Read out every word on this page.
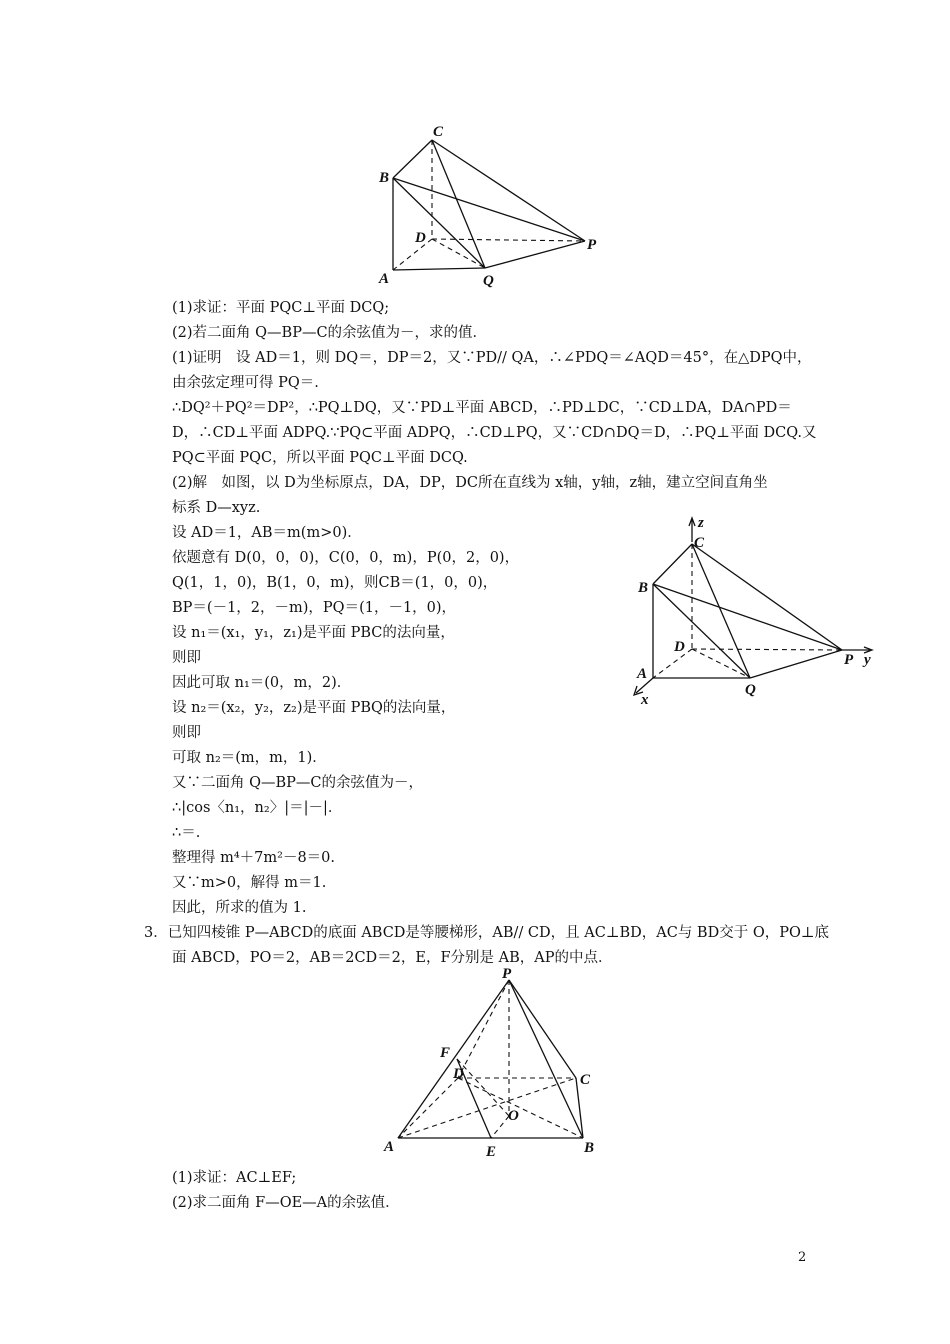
C
B
D	P
A	Q
(1)求证：平面 PQC⊥平面 DCQ;
(2)若二面角 Q—BP—C的余弦值为－，求的值．
(1)证明　设 AD＝1，则 DQ＝，DP＝2，又∵PD// QA，∴∠PDQ＝∠AQD＝45°，在△DPQ中，
由余弦定理可得 PQ＝.
∴DQ²＋PQ²＝DP²，∴PQ⊥DQ，又∵PD⊥平面 ABCD，∴PD⊥DC，∵CD⊥DA，DA∩PD＝
D，∴CD⊥平面 ADPQ.∵PQ⊂平面 ADPQ，∴CD⊥PQ，又∵CD∩DQ＝D，∴PQ⊥平面 DCQ.又
PQ⊂平面 PQC，所以平面 PQC⊥平面 DCQ.
(2)解　如图，以 D为坐标原点，DA，DP，DC所在直线为 x轴，y轴，z轴，建立空间直角坐
标系 D—xyz.
设 AD＝1，AB＝m(m>0)．
依题意有 D(0，0，0)，C(0，0，m)，P(0，2，0)，
Q(1，1，0)，B(1，0，m)，则CB＝(1，0，0)，
BP＝(－1，2，－m)，PQ＝(1，－1，0)，
设 n₁＝(x₁，y₁，z₁)是平面 PBC的法向量，
则即
因此可取 n₁＝(0，m，2)．
设 n₂＝(x₂，y₂，z₂)是平面 PBQ的法向量，
则即
可取 n₂＝(m，m，1)．
又∵二面角 Q—BP—C的余弦值为－，
∴|cos〈n₁，n₂〉|＝|－|．
∴＝.
整理得 m⁴＋7m²－8＝0.
又∵m>0，解得 m＝1.
因此，所求的值为 1.
3．已知四棱锥 P—ABCD的底面 ABCD是等腰梯形，AB// CD，且 AC⊥BD，AC与 BD交于 O，PO⊥底
面 ABCD，PO＝2，AB＝2CD＝2，E，F分别是 AB，AP的中点．
z
C
B
D
P y
A
Q
x
P
F
D	C
O
A	E	B
(1)求证：AC⊥EF;
(2)求二面角 F—OE—A的余弦值．
2
